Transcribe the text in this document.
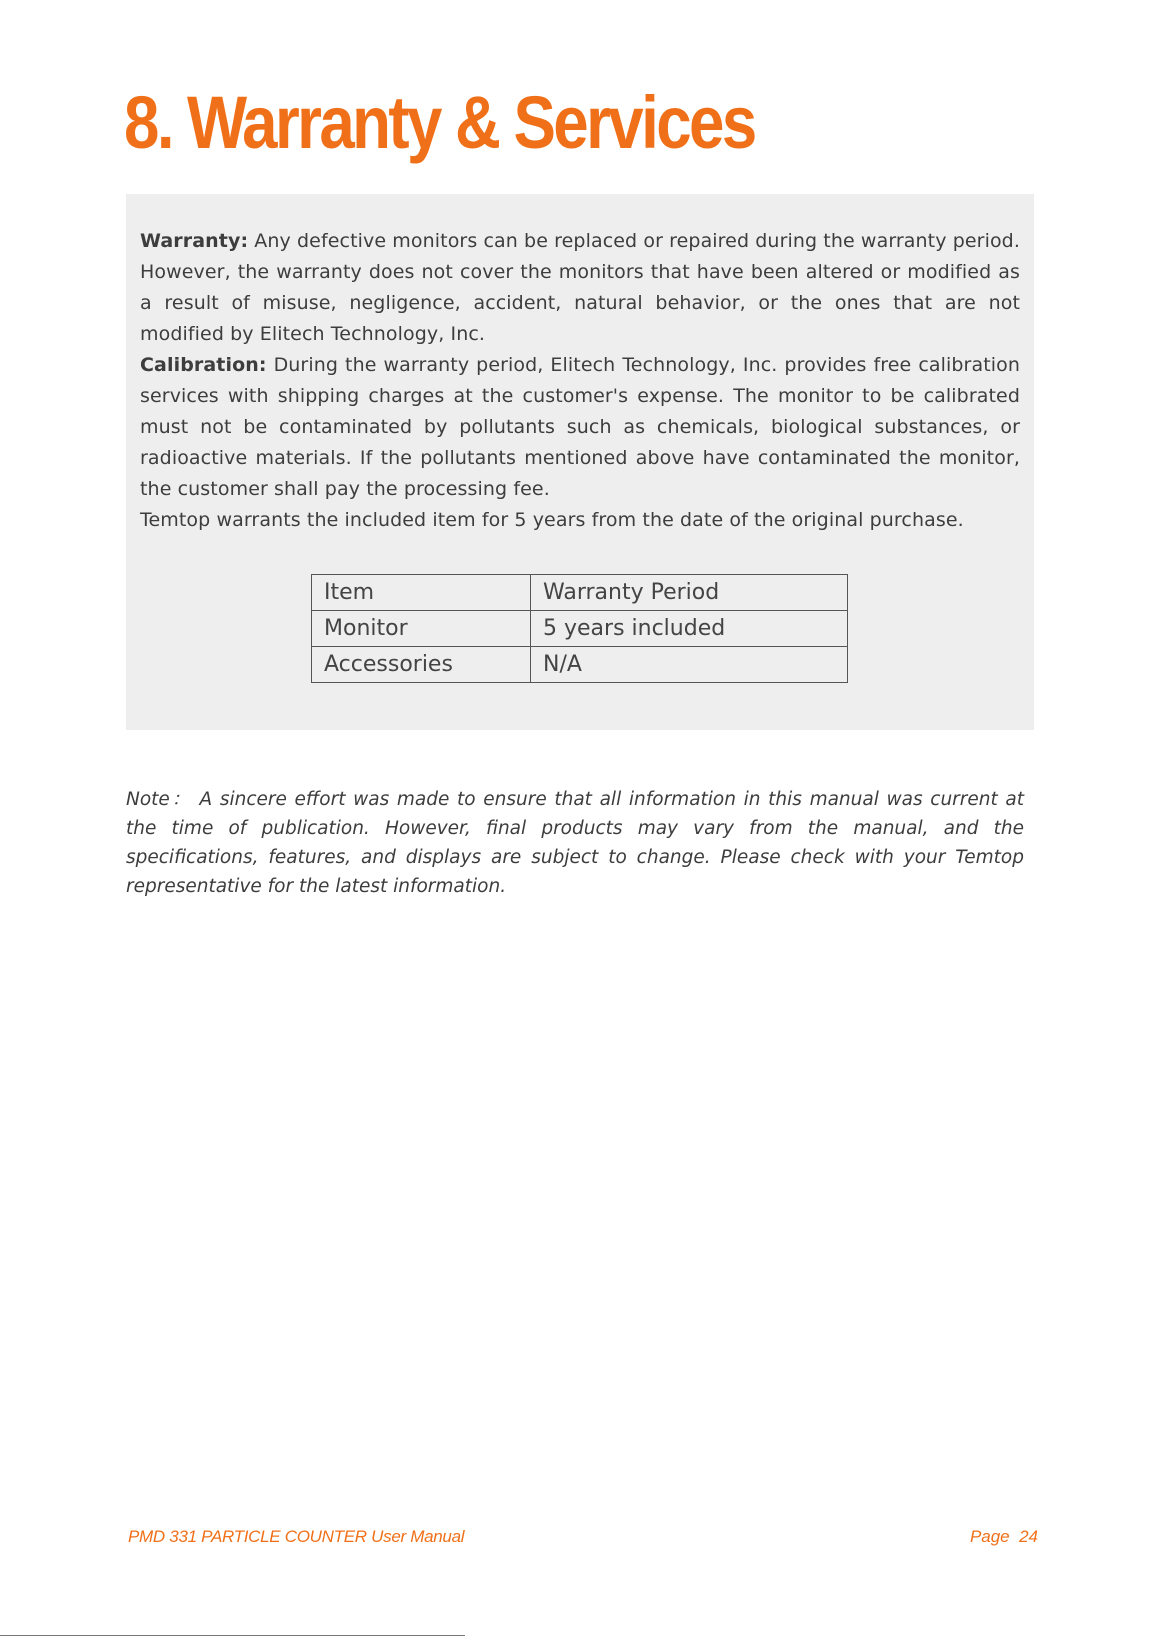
8. Warranty & Services

Warranty: Any defective monitors can be replaced or repaired during the warranty period. However, the warranty does not cover the monitors that have been altered or modified as a result of misuse, negligence, accident, natural behavior, or the ones that are not modified by Elitech Technology, Inc.

Calibration: During the warranty period, Elitech Technology, Inc. provides free calibration services with shipping charges at the customer's expense. The monitor to be calibrated must not be contaminated by pollutants such as chemicals, biological substances, or radioactive materials. If the pollutants mentioned above have contaminated the monitor, the customer shall pay the processing fee.

Temtop warrants the included item for 5 years from the date of the original purchase.

Item	Warranty Period
Monitor	5 years included
Accessories	N/A

Note： A sincere effort was made to ensure that all information in this manual was current at the time of publication. However, final products may vary from the manual, and the specifications, features, and displays are subject to change. Please check with your Temtop representative for the latest information.

PMD 331 PARTICLE COUNTER User Manual	Page  24
